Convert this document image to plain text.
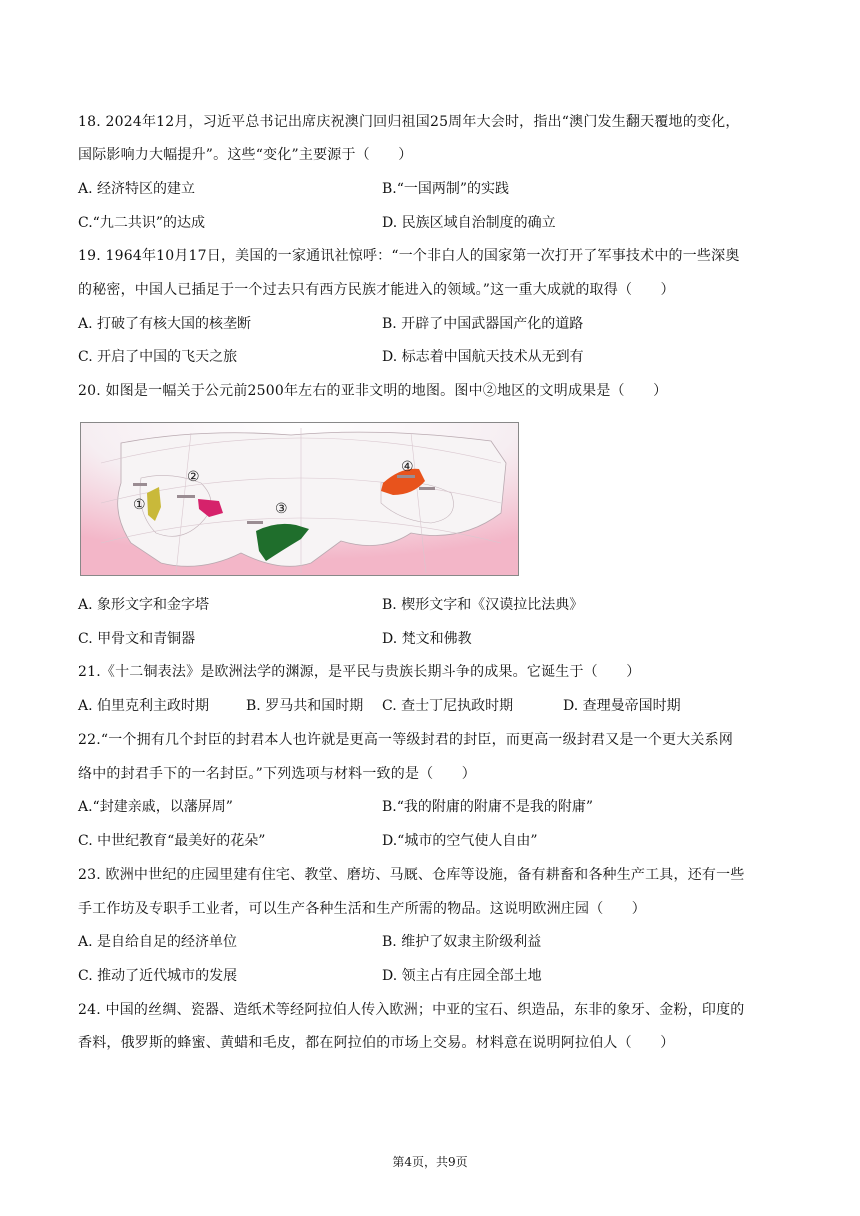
18. 2024年12月，习近平总书记出席庆祝澳门回归祖国25周年大会时，指出“澳门发生翻天覆地的变化，
国际影响力大幅提升”。这些“变化”主要源于（　　）
A. 经济特区的建立	B.“一国两制”的实践
C.“九二共识”的达成	D. 民族区域自治制度的确立
19. 1964年10月17日，美国的一家通讯社惊呼：“一个非白人的国家第一次打开了军事技术中的一些深奥
的秘密，中国人已插足于一个过去只有西方民族才能进入的领域。”这一重大成就的取得（　　）
A. 打破了有核大国的核垄断	B. 开辟了中国武器国产化的道路
C. 开启了中国的飞天之旅	D. 标志着中国航天技术从无到有
20. 如图是一幅关于公元前2500年左右的亚非文明的地图。图中②地区的文明成果是（　　）
①
②
③
④
A. 象形文字和金字塔	B. 楔形文字和《汉谟拉比法典》
C. 甲骨文和青铜器	D. 梵文和佛教
21.《十二铜表法》是欧洲法学的渊源，是平民与贵族长期斗争的成果。它诞生于（　　）
A. 伯里克利主政时期	B. 罗马共和国时期 C. 查士丁尼执政时期	D. 查理曼帝国时期
22.“一个拥有几个封臣的封君本人也许就是更高一等级封君的封臣，而更高一级封君又是一个更大关系网
络中的封君手下的一名封臣。”下列选项与材料一致的是（　　）
A.“封建亲戚，以藩屏周”	B.“我的附庸的附庸不是我的附庸”
C. 中世纪教育“最美好的花朵”	D.“城市的空气使人自由”
23. 欧洲中世纪的庄园里建有住宅、教堂、磨坊、马厩、仓库等设施，备有耕畜和各种生产工具，还有一些
手工作坊及专职手工业者，可以生产各种生活和生产所需的物品。这说明欧洲庄园（　　）
A. 是自给自足的经济单位	B. 维护了奴隶主阶级利益
C. 推动了近代城市的发展	D. 领主占有庄园全部土地
24. 中国的丝绸、瓷器、造纸术等经阿拉伯人传入欧洲；中亚的宝石、织造品，东非的象牙、金粉，印度的
香料，俄罗斯的蜂蜜、黄蜡和毛皮，都在阿拉伯的市场上交易。材料意在说明阿拉伯人（　　）
第4页，共9页
